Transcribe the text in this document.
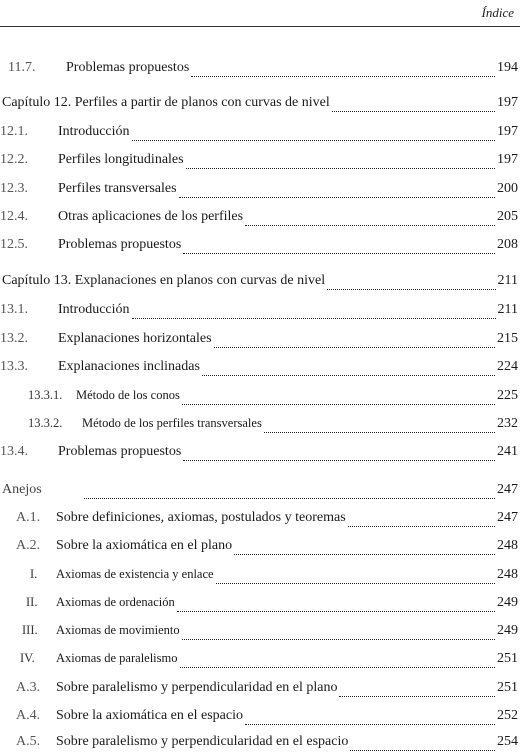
Índice
11.7.	Problemas propuestos	194
Capítulo 12. Perfiles a partir de planos con curvas de nivel	197
12.1.	Introducción	197
12.2.	Perfiles longitudinales	197
12.3.	Perfiles transversales	200
12.4.	Otras aplicaciones de los perfiles	205
12.5.	Problemas propuestos	208
Capítulo 13. Explanaciones en planos con curvas de nivel	211
13.1.	Introducción	211
13.2.	Explanaciones horizontales	215
13.3.	Explanaciones inclinadas	224
13.3.1.	Método de los conos	225
13.3.2.	Método de los perfiles transversales	232
13.4.	Problemas propuestos	241
Anejos	247
A.1.	Sobre definiciones, axiomas, postulados y teoremas	247
A.2.	Sobre la axiomática en el plano	248
I.	Axiomas de existencia y enlace	248
II.	Axiomas de ordenación	249
III.	Axiomas de movimiento	249
IV.	Axiomas de paralelismo	251
A.3.	Sobre paralelismo y perpendicularidad en el plano	251
A.4.	Sobre la axiomática en el espacio	252
A.5.	Sobre paralelismo y perpendicularidad en el espacio	254
